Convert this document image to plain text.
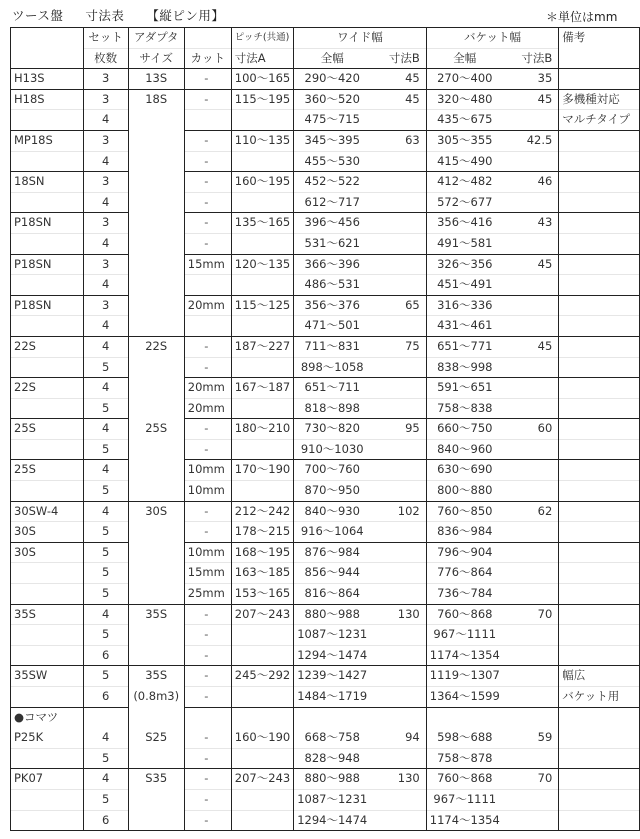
ツース盤 寸法表 【縦ピン用】	＊単位はmm
	セット	アダプタ		ピッチ(共通)	ワイド幅		バケット幅		備考
	枚数	サイズ	カット	寸法A	全幅	寸法B	全幅	寸法B	
H13S	3	13S	-	100～165	290～420	45	270～400	35	
H18S	3	18S	-	115～195	360～520	45	320～480	45	多機種対応
	4				475～715		435～675		マルチタイプ
MP18S	3		-	110～135	345～395	63	305～355	42.5	
	4		-		455～530		415～490		
18SN	3		-	160～195	452～522		412～482	46	
	4		-		612～717		572～677		
P18SN	3		-	135～165	396～456		356～416	43	
	4		-		531～621		491～581		
P18SN	3		15mm	120～135	366～396		326～356	45	
	4				486～531		451～491		
P18SN	3		20mm	115～125	356～376	65	316～336		
	4				471～501		431～461		
22S	4	22S	-	187～227	711～831	75	651～771	45	
	5		-		898～1058		838～998		
22S	4		20mm	167～187	651～711		591～651		
	5		20mm		818～898		758～838		
25S	4	25S	-	180～210	730～820	95	660～750	60	
	5		-		910～1030		840～960		
25S	4		10mm	170～190	700～760		630～690		
	5		10mm		870～950		800～880		
30SW-4	4	30S	-	212～242	840～930	102	760～850	62	
30S	5		-	178～215	916～1064		836～984		
30S	5		10mm	168～195	876～984		796～904		
	5		15mm	163～185	856～944		776～864		
	5		25mm	153～165	816～864		736～784		
35S	4	35S	-	207～243	880～988	130	760～868	70	
	5		-		1087～1231		967～1111		
	6		-		1294～1474		1174～1354		
35SW	5	35S	-	245～292	1239～1427		1119～1307		幅広
	6	(0.8m3)	-		1484～1719		1364～1599		バケット用
●コマツ									
P25K	4	S25	-	160～190	668～758	94	598～688	59	
	5		-		828～948		758～878		
PK07	4	S35	-	207～243	880～988	130	760～868	70	
	5		-		1087～1231		967～1111		
	6		-		1294～1474		1174～1354		
